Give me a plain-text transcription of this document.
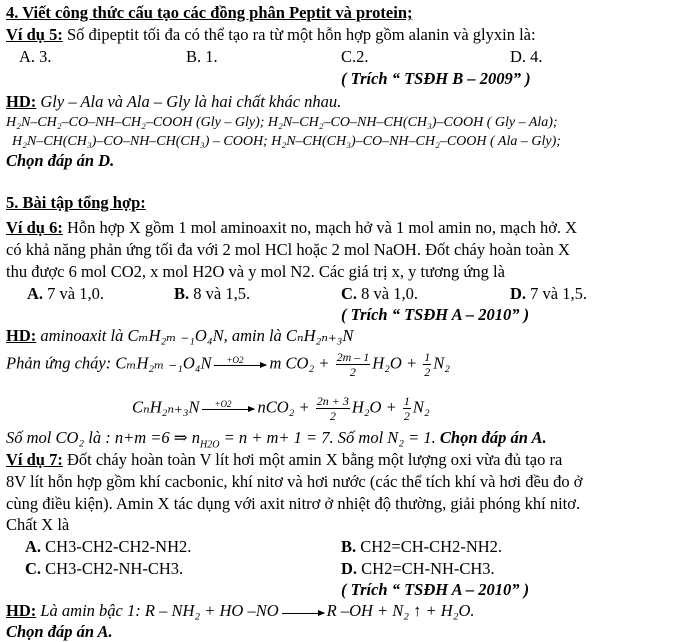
4. Viết công thức cấu tạo các đồng phân Peptit và protein;
Ví dụ 5: Số đipeptit tối đa có thể tạo ra từ một hỗn hợp gồm alanin và glyxin là:
A. 3.	B. 1.	C.2.	D. 4.
( Trích “ TSĐH B – 2009” )
HD: Gly – Ala và Ala – Gly là hai chất khác nhau.
H₂N–CH₂–CO–NH–CH₂–COOH (Gly – Gly); H₂N–CH₂–CO–NH–CH(CH₃)–COOH ( Gly – Ala);
H₂N–CH(CH₃)–CO–NH–CH(CH₃) – COOH; H₂N–CH(CH₃)–CO–NH–CH₂–COOH ( Ala – Gly);
Chọn đáp án D.
5. Bài tập tổng hợp:
Ví dụ 6: Hỗn hợp X gồm 1 mol aminoaxit no, mạch hở và 1 mol amin no, mạch hở. X
có khả năng phản ứng tối đa với 2 mol HCl hoặc 2 mol NaOH. Đốt cháy hoàn toàn X
thu được 6 mol CO2, x mol H2O và y mol N2. Các giá trị x, y tương ứng là
A. 7 và 1,0.	B. 8 và 1,5.	C. 8 và 1,0.	D. 7 và 1,5.
( Trích “ TSĐH A – 2010” )
HD: aminoaxit là CₘH₂ₘ ₋₁O₄N, amin là CₙH₂ₙ₊₃N
Phản ứng cháy: CₘH₂ₘ ₋₁O₄N +O2 m $CO_2 + \frac{2m - 1}{2} H_2O + \frac{1}{2} N_2$
CₙH₂ₙ₊₃N +O2 $nCO_2 + \frac{2n + 3}{2} H_2O + \frac{1}{2} N_2$
Số mol CO₂ là : n+m =6 ⇒ $n_{H2O} = n + m+ 1 = 7$. Số mol N₂ = 1. Chọn đáp án A.
Ví dụ 7: Đốt cháy hoàn toàn V lít hơi một amin X bằng một lượng oxi vừa đủ tạo ra
8V lít hỗn hợp gồm khí cacbonic, khí nitơ và hơi nước (các thể tích khí và hơi đều đo ở
cùng điều kiện). Amin X tác dụng với axit nitrơ ở nhiệt độ thường, giải phóng khí nitơ.
Chất X là
A. CH3-CH2-CH2-NH2.	B. CH2=CH-CH2-NH2.
C. CH3-CH2-NH-CH3.	D. CH2=CH-NH-CH3.
( Trích “ TSĐH A – 2010” )
HD: Là amin bậc 1: R – NH₂ + HO –NO → R –OH + N₂ ↑ + H₂O.
Chọn đáp án A.
